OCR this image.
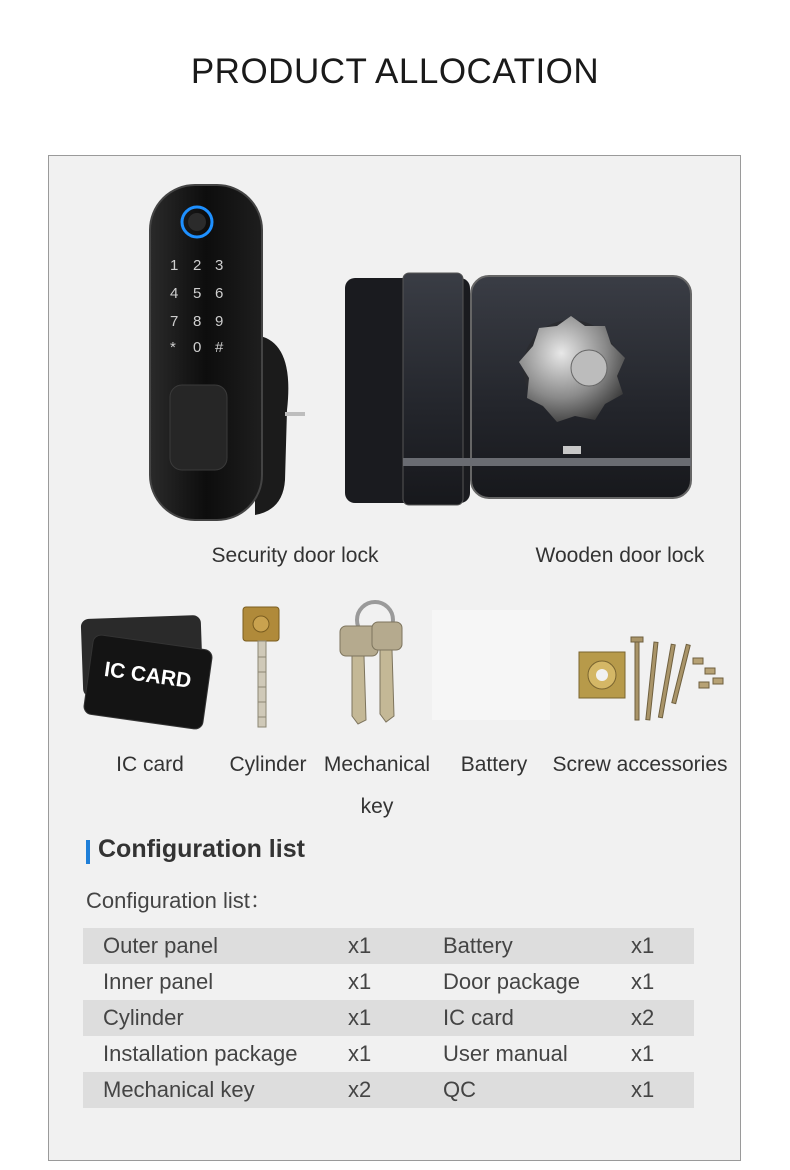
PRODUCT ALLOCATION
1 2 3
4 5 6
7 8 9
* 0 #
Security door lock	Wooden door lock
IC CARD
IC card	Cylinder Mechanical
key
Battery	Screw accessories
Configuration list
Configuration list：
Outer panel	x1	Battery	x1
Inner panel	x1	Door package	x1
Cylinder	x1	IC card	x2
Installation package	x1	User manual	x1
Mechanical key	x2	QC	x1
